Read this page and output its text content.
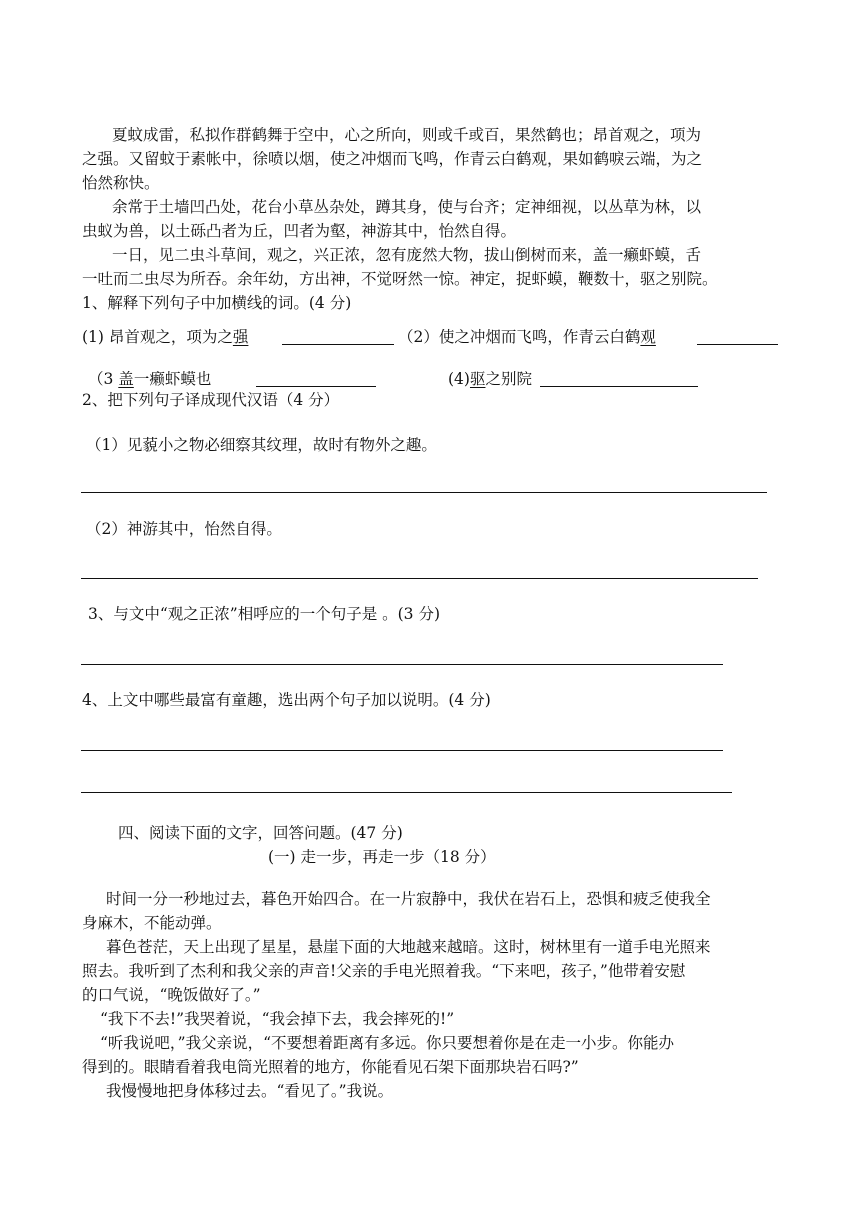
夏蚊成雷，私拟作群鹤舞于空中，心之所向，则或千或百，果然鹤也；昂首观之，项为
之强。又留蚊于素帐中，徐喷以烟，使之冲烟而飞鸣，作青云白鹤观，果如鹤唳云端，为之
怡然称快。
余常于土墙凹凸处，花台小草丛杂处，蹲其身，使与台齐；定神细视，以丛草为林，以
虫蚁为兽，以土砾凸者为丘，凹者为壑，神游其中，怡然自得。
一日，见二虫斗草间，观之，兴正浓，忽有庞然大物，拔山倒树而来，盖一癞虾蟆，舌
一吐而二虫尽为所吞。余年幼，方出神，不觉呀然一惊。神定，捉虾蟆，鞭数十，驱之别院。
1、解释下列句子中加横线的词。(4 分)
(1) 昂首观之，项为之强	（2）使之冲烟而飞鸣，作青云白鹤观
（3 盖一癞虾蟆也	(4)驱之别院
2、把下列句子译成现代汉语（4 分）
（1）见藐小之物必细察其纹理，故时有物外之趣。
（2）神游其中，怡然自得。
3、与文中“观之正浓”相呼应的一个句子是 。(3 分)
4、上文中哪些最富有童趣，选出两个句子加以说明。(4 分)
四、阅读下面的文字，回答问题。(47 分)
(一) 走一步，再走一步（18 分）
时间一分一秒地过去，暮色开始四合。在一片寂静中，我伏在岩石上，恐惧和疲乏使我全
身麻木，不能动弹。
暮色苍茫，天上出现了星星，悬崖下面的大地越来越暗。这时，树林里有一道手电光照来
照去。我听到了杰利和我父亲的声音!父亲的手电光照着我。“下来吧，孩子，”他带着安慰
的口气说，“晚饭做好了。”
“我下不去!”我哭着说，“我会掉下去，我会摔死的!”
“听我说吧，”我父亲说，“不要想着距离有多远。你只要想着你是在走一小步。你能办
得到的。眼睛看着我电筒光照着的地方，你能看见石架下面那块岩石吗?”
我慢慢地把身体移过去。“看见了。”我说。
